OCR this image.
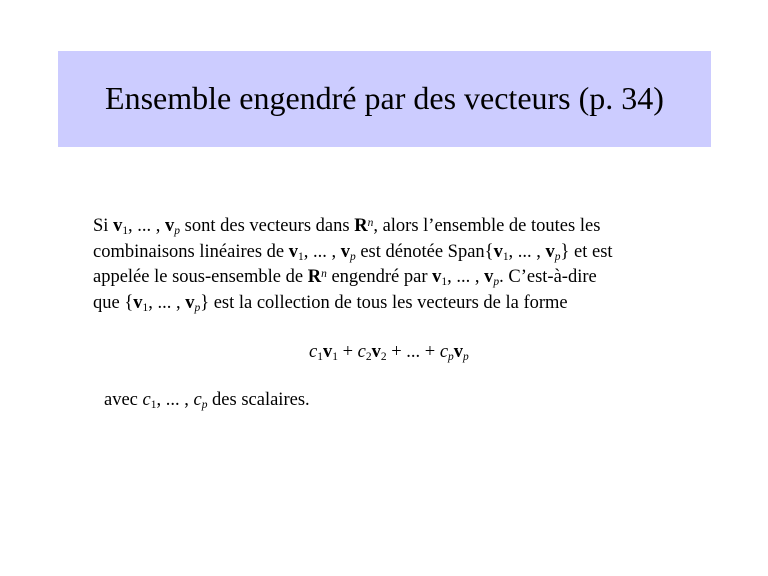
Ensemble engendré par des vecteurs (p. 34)
Si $v_1$, ... , $v_p$ sont des vecteurs dans $R^n$, alors l’ensemble de toutes les
combinaisons linéaires de $v_1$, ... , $v_p$ est dénotée $Span\{v_1$, ... , $v_p$} et est
appelée le sous-ensemble de $R^n$ engendré par $v_1$, ... , $v_p$. C’est-à-dire
que {$v_1$, ... , $v_p$} est la collection de tous les vecteurs de la forme
$c_1v_1 + c_2v_2$ + ... + $c_pv_p$
avec $c_1$, ... , $c_p$ des scalaires.
